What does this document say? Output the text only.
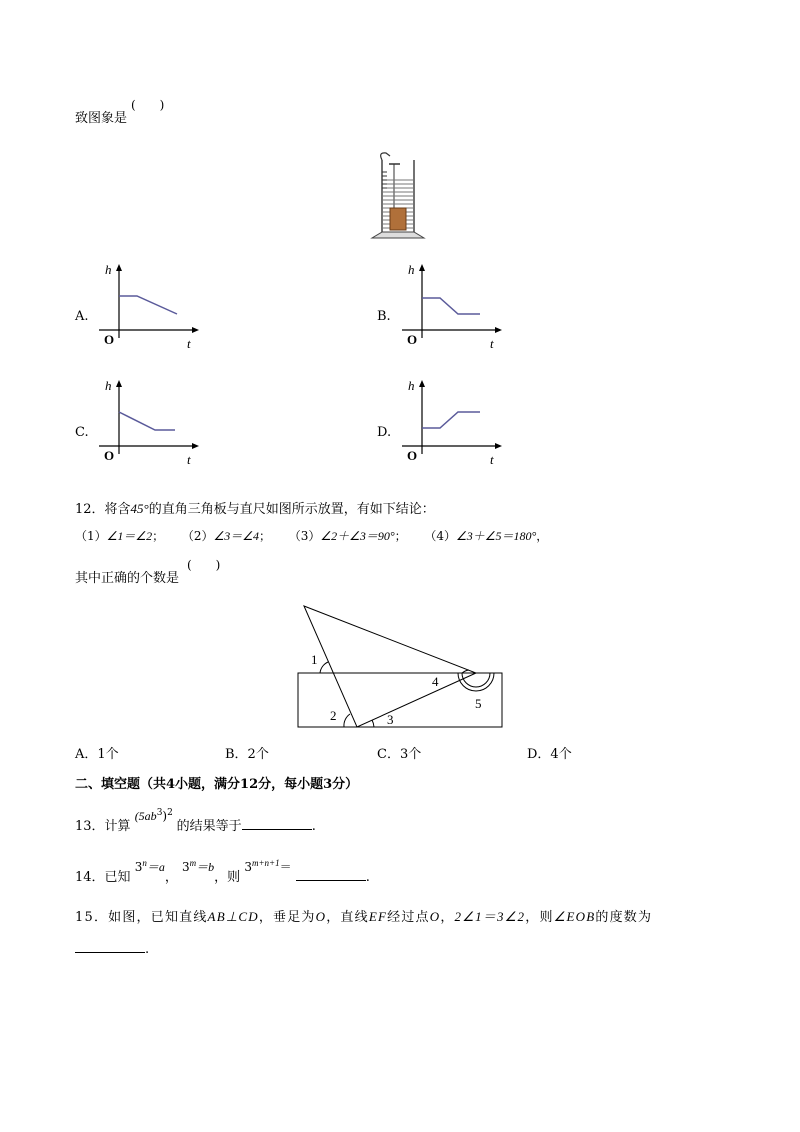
致图象是
(　　)
A.
h
O	t
B.
h
O	t
C.
h
O	t
D.
h
O	t
12．将含45°的直角三角板与直尺如图所示放置，有如下结论：
（1）∠1＝∠2； （2）∠3＝∠4； （3）∠2＋∠3＝90°； （4）∠3＋∠5＝180°，
其中正确的个数是
(　　)
1
2	3
4
5
A．1个	B．2个	C．3个	D．4个
二、填空题（共4小题，满分12分，每小题3分）
13．计算 $(5ab^3)^2$ 的结果等于	.
14．已知 $3^n=a$， $3^m=b$，则 $3^{m+n+1}=$ .
15．如图，已知直线AB⊥CD，垂足为O，直线EF经过点O，2∠1＝3∠2，则∠EOB的度数为
.
